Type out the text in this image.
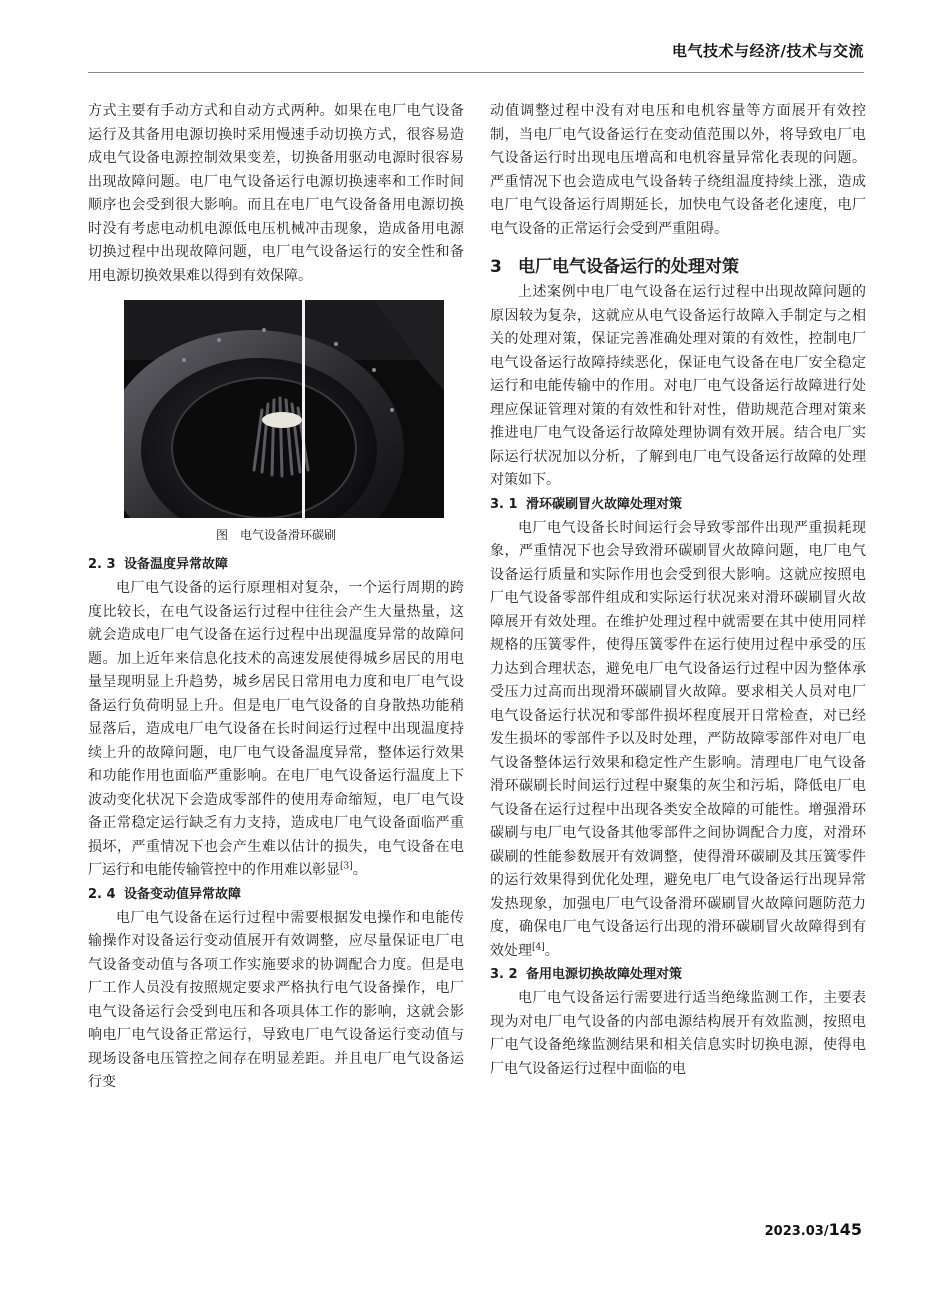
电气技术与经济/技术与交流

方式主要有手动方式和自动方式两种。如果在电厂电气设备运行及其备用电源切换时采用慢速手动切换方式，很容易造成电气设备电源控制效果变差，切换备用驱动电源时很容易出现故障问题。电厂电气设备运行电源切换速率和工作时间顺序也会受到很大影响。而且在电厂电气设备备用电源切换时没有考虑电动机电源低电压机械冲击现象，造成备用电源切换过程中出现故障问题，电厂电气设备运行的安全性和备用电源切换效果难以得到有效保障。

图 电气设备滑环碳刷
2. 3 设备温度异常故障

电厂电气设备的运行原理相对复杂，一个运行周期的跨度比较长，在电气设备运行过程中往往会产生大量热量，这就会造成电厂电气设备在运行过程中出现温度异常的故障问题。加上近年来信息化技术的高速发展使得城乡居民的用电量呈现明显上升趋势，城乡居民日常用电力度和电厂电气设备运行负荷明显上升。但是电厂电气设备的自身散热功能稍显落后，造成电厂电气设备在长时间运行过程中出现温度持续上升的故障问题，电厂电气设备温度异常，整体运行效果和功能作用也面临严重影响。在电厂电气设备运行温度上下波动变化状况下会造成零部件的使用寿命缩短，电厂电气设备正常稳定运行缺乏有力支持，造成电厂电气设备面临严重损坏，严重情况下也会产生难以估计的损失，电气设备在电厂运行和电能传输管控中的作用难以彰显[3]。

2. 4 设备变动值异常故障

电厂电气设备在运行过程中需要根据发电操作和电能传输操作对设备运行变动值展开有效调整，应尽量保证电厂电气设备变动值与各项工作实施要求的协调配合力度。但是电厂工作人员没有按照规定要求严格执行电气设备操作，电厂电气设备运行会受到电压和各项具体工作的影响，这就会影响电厂电气设备正常运行，导致电厂电气设备运行变动值与现场设备电压管控之间存在明显差距。并且电厂电气设备运行变

动值调整过程中没有对电压和电机容量等方面展开有效控制，当电厂电气设备运行在变动值范围以外，将导致电厂电气设备运行时出现电压增高和电机容量异常化表现的问题。严重情况下也会造成电气设备转子绕组温度持续上涨，造成电厂电气设备运行周期延长，加快电气设备老化速度，电厂电气设备的正常运行会受到严重阻碍。

3 电厂电气设备运行的处理对策

上述案例中电厂电气设备在运行过程中出现故障问题的原因较为复杂，这就应从电气设备运行故障入手制定与之相关的处理对策，保证完善准确处理对策的有效性，控制电厂电气设备运行故障持续恶化，保证电气设备在电厂安全稳定运行和电能传输中的作用。对电厂电气设备运行故障进行处理应保证管理对策的有效性和针对性，借助规范合理对策来推进电厂电气设备运行故障处理协调有效开展。结合电厂实际运行状况加以分析，了解到电厂电气设备运行故障的处理对策如下。

3. 1 滑环碳刷冒火故障处理对策

电厂电气设备长时间运行会导致零部件出现严重损耗现象，严重情况下也会导致滑环碳刷冒火故障问题，电厂电气设备运行质量和实际作用也会受到很大影响。这就应按照电厂电气设备零部件组成和实际运行状况来对滑环碳刷冒火故障展开有效处理。在维护处理过程中就需要在其中使用同样规格的压簧零件，使得压簧零件在运行使用过程中承受的压力达到合理状态，避免电厂电气设备运行过程中因为整体承受压力过高而出现滑环碳刷冒火故障。要求相关人员对电厂电气设备运行状况和零部件损坏程度展开日常检查，对已经发生损坏的零部件予以及时处理，严防故障零部件对电厂电气设备整体运行效果和稳定性产生影响。清理电厂电气设备滑环碳刷长时间运行过程中聚集的灰尘和污垢，降低电厂电气设备在运行过程中出现各类安全故障的可能性。增强滑环碳刷与电厂电气设备其他零部件之间协调配合力度，对滑环碳刷的性能参数展开有效调整，使得滑环碳刷及其压簧零件的运行效果得到优化处理，避免电厂电气设备运行出现异常发热现象，加强电厂电气设备滑环碳刷冒火故障问题防范力度，确保电厂电气设备运行出现的滑环碳刷冒火故障得到有效处理[4]。

3. 2 备用电源切换故障处理对策

电厂电气设备运行需要进行适当绝缘监测工作，主要表现为对电厂电气设备的内部电源结构展开有效监测，按照电厂电气设备绝缘监测结果和相关信息实时切换电源，使得电厂电气设备运行过程中面临的电

2023.03/145
